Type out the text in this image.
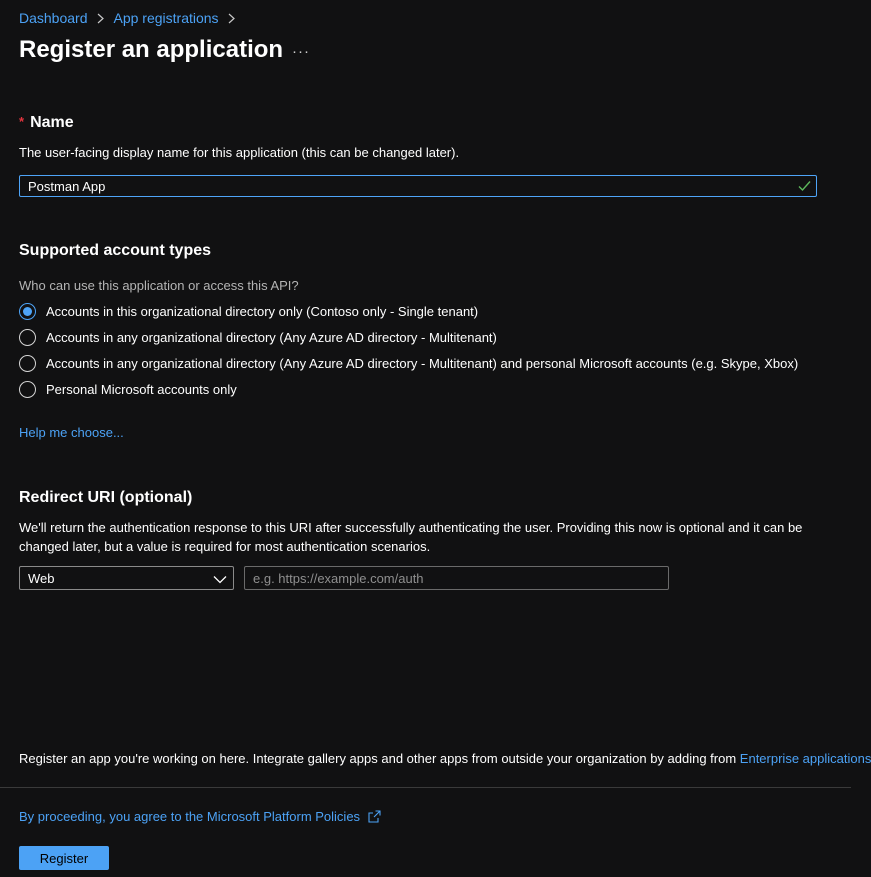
Dashboard App registrations
Register an application ···
* Name
The user-facing display name for this application (this can be changed later).
Postman App
Supported account types
Who can use this application or access this API?
Accounts in this organizational directory only (Contoso only - Single tenant)
Accounts in any organizational directory (Any Azure AD directory - Multitenant)
Accounts in any organizational directory (Any Azure AD directory - Multitenant) and personal Microsoft accounts (e.g. Skype, Xbox)
Personal Microsoft accounts only
Help me choose...
Redirect URI (optional)
We'll return the authentication response to this URI after successfully authenticating the user. Providing this now is optional and it can be changed later, but a value is required for most authentication scenarios.
Web
e.g. https://example.com/auth
Register an app you're working on here. Integrate gallery apps and other apps from outside your organization by adding from Enterprise applications
By proceeding, you agree to the Microsoft Platform Policies
Register
